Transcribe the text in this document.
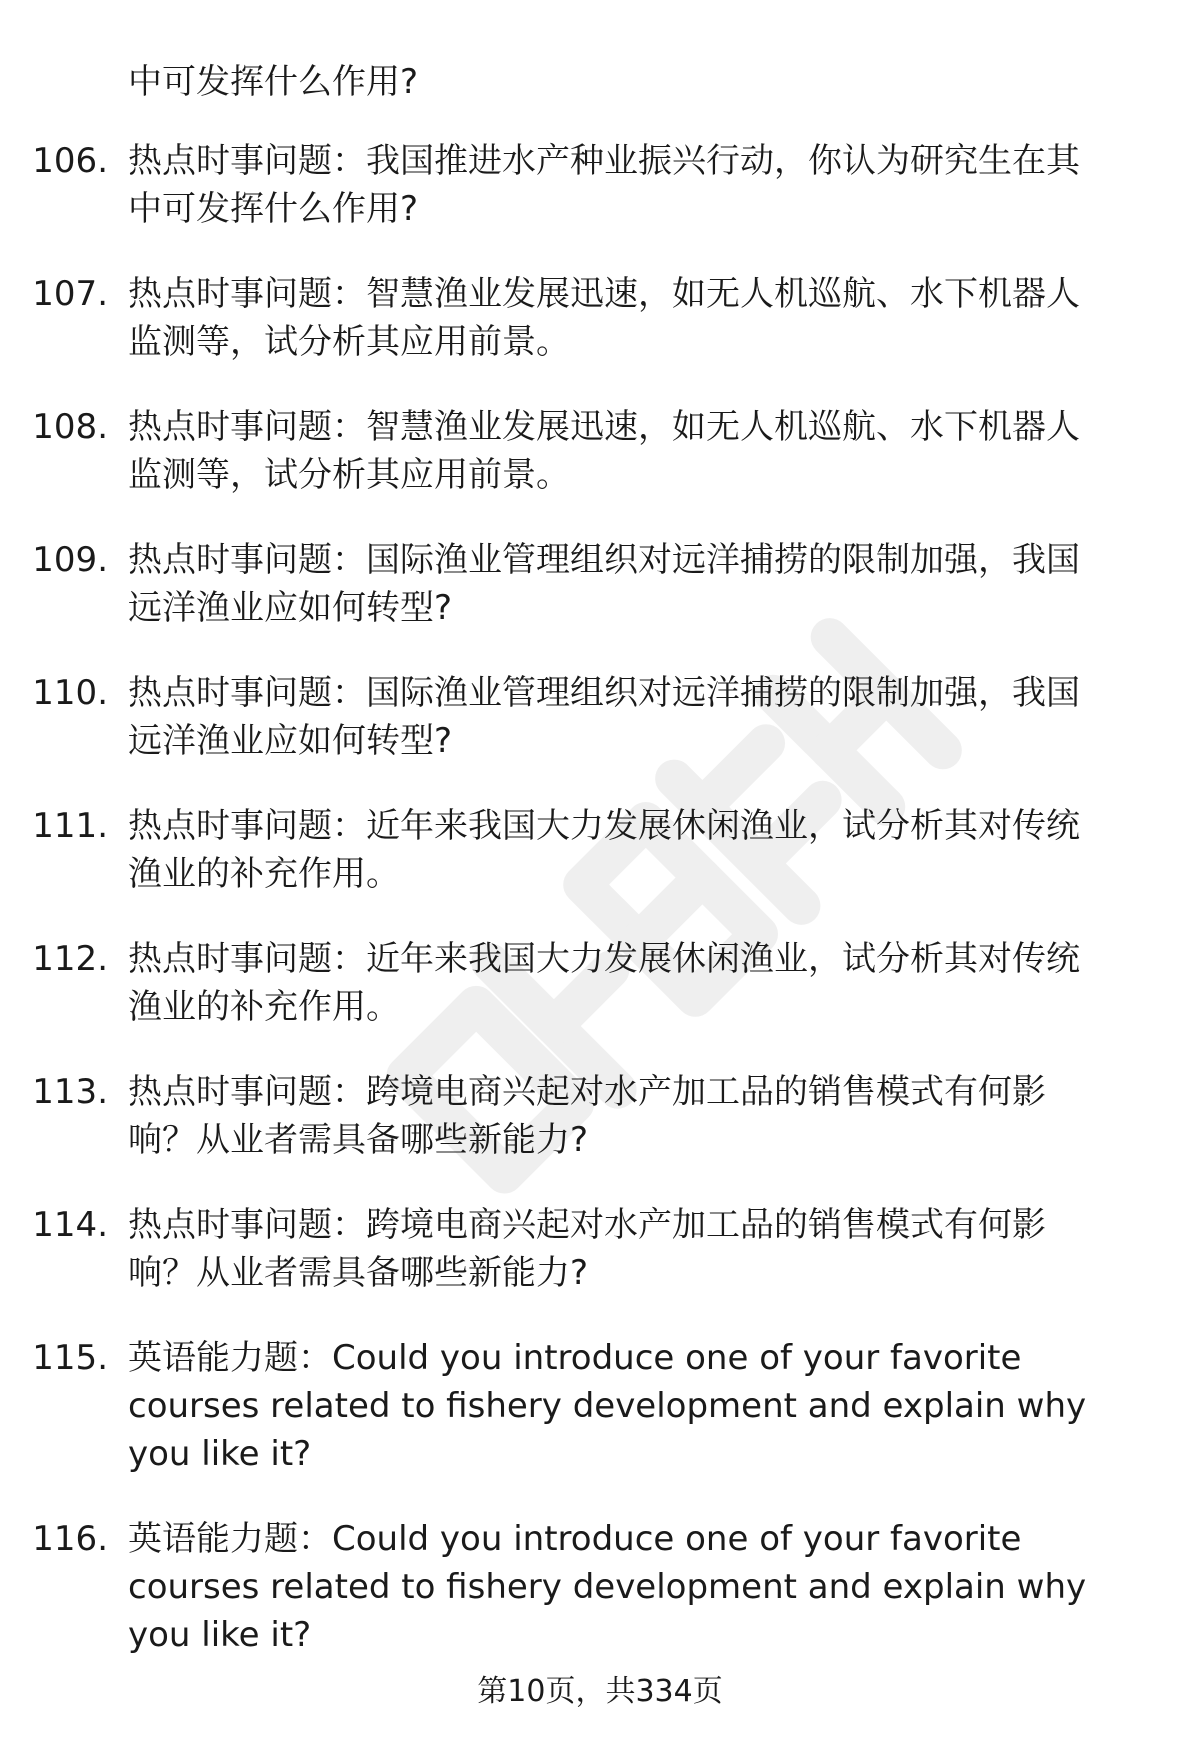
中可发挥什么作用?
106. 热点时事问题：我国推进水产种业振兴行动，你认为研究生在其
中可发挥什么作用?
107. 热点时事问题：智慧渔业发展迅速，如无人机巡航、水下机器人
监测等，试分析其应用前景。
108. 热点时事问题：智慧渔业发展迅速，如无人机巡航、水下机器人
监测等，试分析其应用前景。
109. 热点时事问题：国际渔业管理组织对远洋捕捞的限制加强，我国
远洋渔业应如何转型?
110. 热点时事问题：国际渔业管理组织对远洋捕捞的限制加强，我国
远洋渔业应如何转型?
111. 热点时事问题：近年来我国大力发展休闲渔业，试分析其对传统
渔业的补充作用。
112. 热点时事问题：近年来我国大力发展休闲渔业，试分析其对传统
渔业的补充作用。
113. 热点时事问题：跨境电商兴起对水产加工品的销售模式有何影
响？从业者需具备哪些新能力?
114. 热点时事问题：跨境电商兴起对水产加工品的销售模式有何影
响？从业者需具备哪些新能力?
115. 英语能力题：Could you introduce one of your favorite
courses related to fishery development and explain why
you like it?
116. 英语能力题：Could you introduce one of your favorite
courses related to fishery development and explain why
you like it?
第10页，共334页
